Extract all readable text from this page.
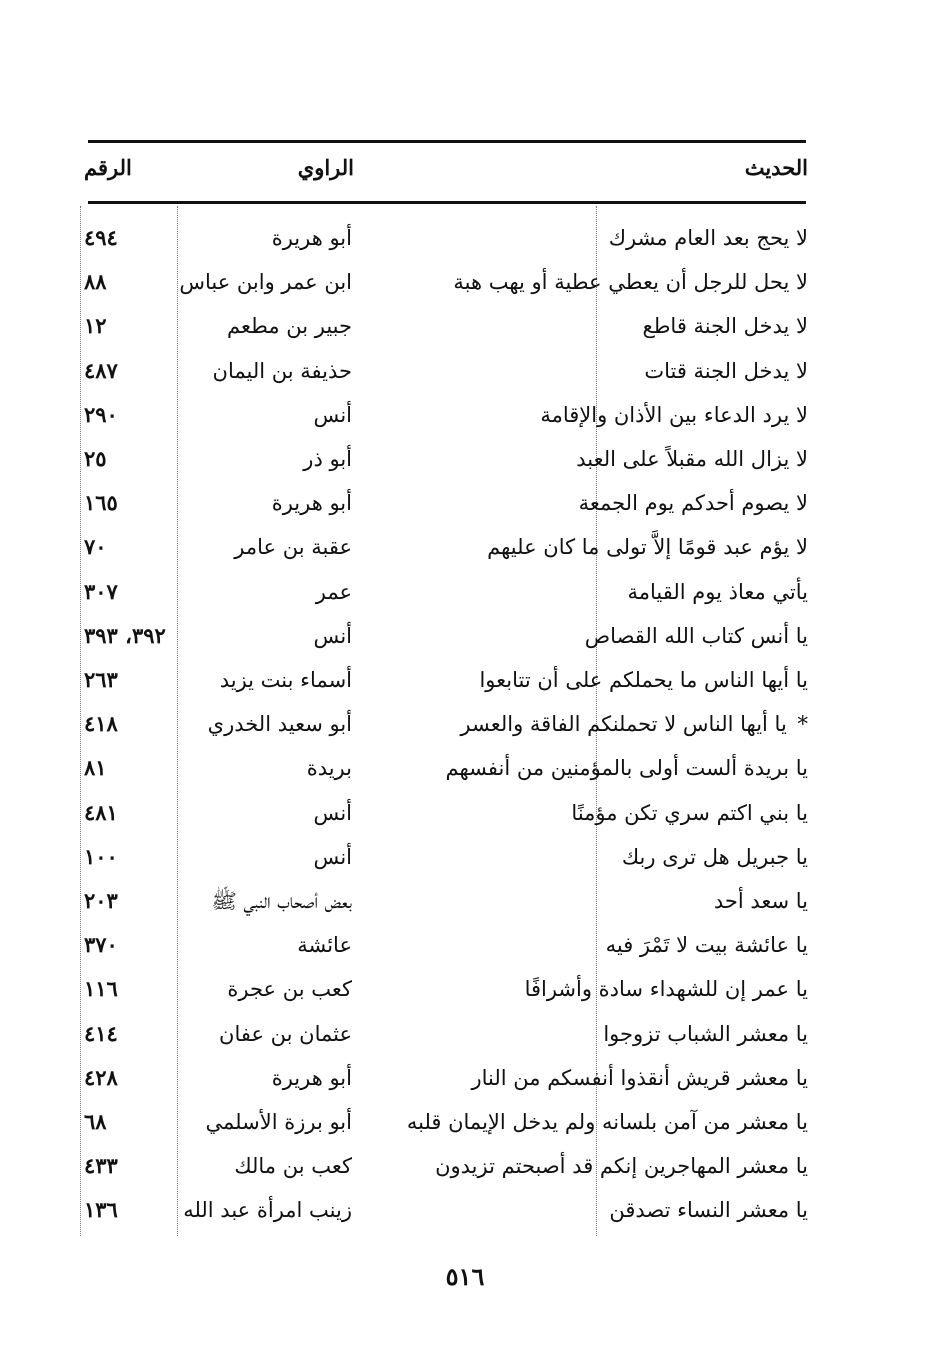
الحديث
الراوي
الرقم
لا يحج بعد العام مشرك
أبو هريرة
٤٩٤
لا يحل للرجل أن يعطي عطية أو يهب هبة
ابن عمر وابن عباس
٨٨
لا يدخل الجنة قاطع
جبير بن مطعم
١٢
لا يدخل الجنة قتات
حذيفة بن اليمان
٤٨٧
لا يرد الدعاء بين الأذان والإقامة
أنس
٢٩٠
لا يزال الله مقبلاً على العبد
أبو ذر
٢٥
لا يصوم أحدكم يوم الجمعة
أبو هريرة
١٦٥
لا يؤم عبد قومًا إلاَّ تولى ما كان عليهم
عقبة بن عامر
٧٠
يأتي معاذ يوم القيامة
عمر
٣٠٧
يا أنس كتاب الله القصاص
أنس
٣٩٢، ٣٩٣
يا أيها الناس ما يحملكم على أن تتابعوا
أسماء بنت يزيد
٢٦٣
* يا أيها الناس لا تحملنكم الفاقة والعسر
أبو سعيد الخدري
٤١٨
يا بريدة ألست أولى بالمؤمنين من أنفسهم
بريدة
٨١
يا بني اكتم سري تكن مؤمنًا
أنس
٤٨١
يا جبريل هل ترى ربك
أنس
١٠٠
يا سعد أحد
بعض أصحاب النبي ﷺ
٢٠٣
يا عائشة بيت لا تَمْرَ فيه
عائشة
٣٧٠
يا عمر إن للشهداء سادة وأشرافًا
كعب بن عجرة
١١٦
يا معشر الشباب تزوجوا
عثمان بن عفان
٤١٤
يا معشر قريش أنقذوا أنفسكم من النار
أبو هريرة
٤٢٨
يا معشر من آمن بلسانه ولم يدخل الإيمان قلبه
أبو برزة الأسلمي
٦٨
يا معشر المهاجرين إنكم قد أصبحتم تزيدون
كعب بن مالك
٤٣٣
يا معشر النساء تصدقن
زينب امرأة عبد الله
١٣٦
٥١٦
